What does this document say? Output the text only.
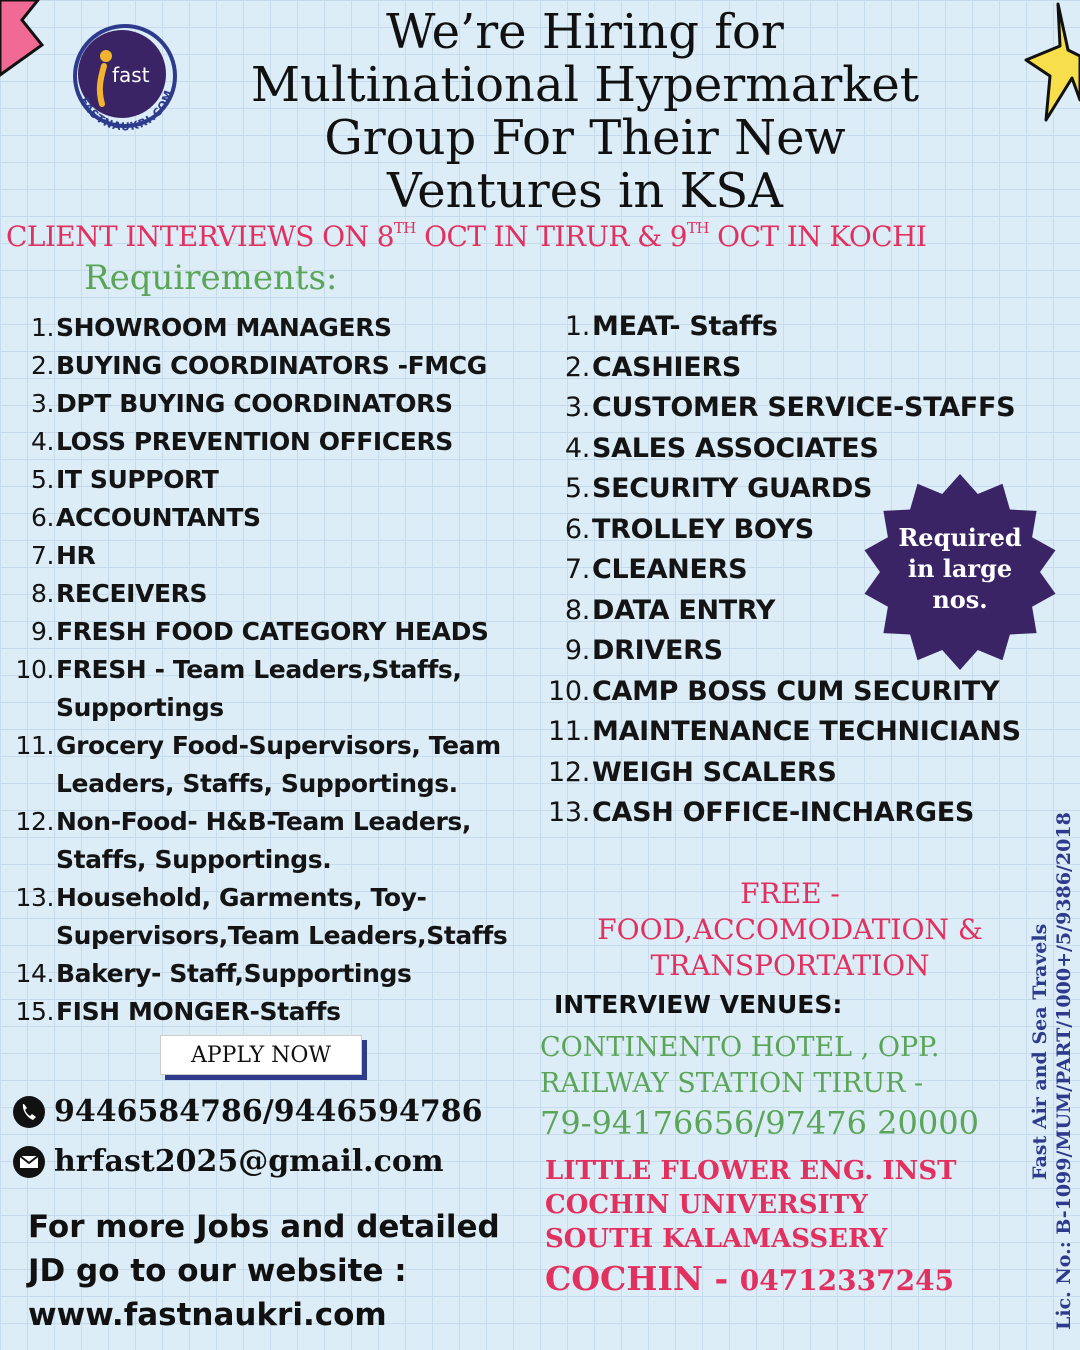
fast
FASTNAUKRI.COM
We’re Hiring for
Multinational Hypermarket
Group For Their New
Ventures in KSA
CLIENT INTERVIEWS ON 8TH OCT IN TIRUR & 9TH OCT IN KOCHI
Requirements:
1. SHOWROOM MANAGERS
2. BUYING COORDINATORS -FMCG
3. DPT BUYING COORDINATORS
4. LOSS PREVENTION OFFICERS
5. IT SUPPORT
6. ACCOUNTANTS
7. HR
8. RECEIVERS
9. FRESH FOOD CATEGORY HEADS
10. FRESH - Team Leaders,Staffs, Supportings
11. Grocery Food-Supervisors, Team Leaders, Staffs, Supportings.
12. Non-Food- H&B-Team Leaders, Staffs, Supportings.
13. Household, Garments, Toy-Supervisors,Team Leaders,Staffs
14. Bakery- Staff,Supportings
15. FISH MONGER-Staffs
1. MEAT- Staffs
2. CASHIERS
3. CUSTOMER SERVICE-STAFFS
4. SALES ASSOCIATES
5. SECURITY GUARDS
6. TROLLEY BOYS
7. CLEANERS
8. DATA ENTRY
9. DRIVERS
10. CAMP BOSS CUM SECURITY
11. MAINTENANCE TECHNICIANS
12. WEIGH SCALERS
13. CASH OFFICE-INCHARGES
Required
in large
nos.
FREE -
FOOD,ACCOMODATION &
TRANSPORTATION
INTERVIEW VENUES:
CONTINENTO HOTEL , OPP.
RAILWAY STATION TIRUR -
79-94176656/97476 20000
LITTLE FLOWER ENG. INST
COCHIN UNIVERSITY
SOUTH KALAMASSERY
COCHIN - 04712337245
APPLY NOW
9446584786/9446594786
hrfast2025@gmail.com
For more Jobs and detailed
JD go to our website :
www.fastnaukri.com
Fast Air and Sea Travels Lic. No.: B-1099/MUM/PART/1000+/5/9386/2018
